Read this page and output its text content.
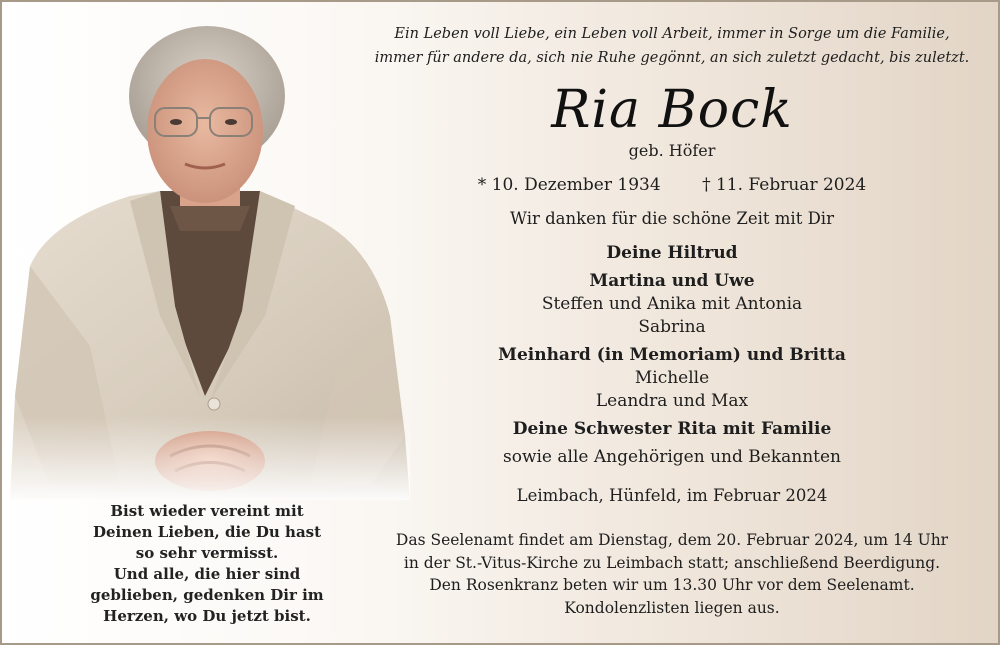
Bist wieder vereint mit
Deinen Lieben, die Du hast
so sehr vermisst.
Und alle, die hier sind
geblieben, gedenken Dir im
Herzen, wo Du jetzt bist.
Ein Leben voll Liebe, ein Leben voll Arbeit, immer in Sorge um die Familie,
immer für andere da, sich nie Ruhe gegönnt, an sich zuletzt gedacht, bis zuletzt.
Ria Bock
geb. Höfer
* 10. Dezember 1934 † 11. Februar 2024
Wir danken für die schöne Zeit mit Dir
Deine Hiltrud
Martina und Uwe
Steffen und Anika mit Antonia
Sabrina
Meinhard (in Memoriam) und Britta
Michelle
Leandra und Max
Deine Schwester Rita mit Familie
sowie alle Angehörigen und Bekannten
Leimbach, Hünfeld, im Februar 2024
Das Seelenamt findet am Dienstag, dem 20. Februar 2024, um 14 Uhr
in der St.-Vitus-Kirche zu Leimbach statt; anschließend Beerdigung.
Den Rosenkranz beten wir um 13.30 Uhr vor dem Seelenamt.
Kondolenzlisten liegen aus.
